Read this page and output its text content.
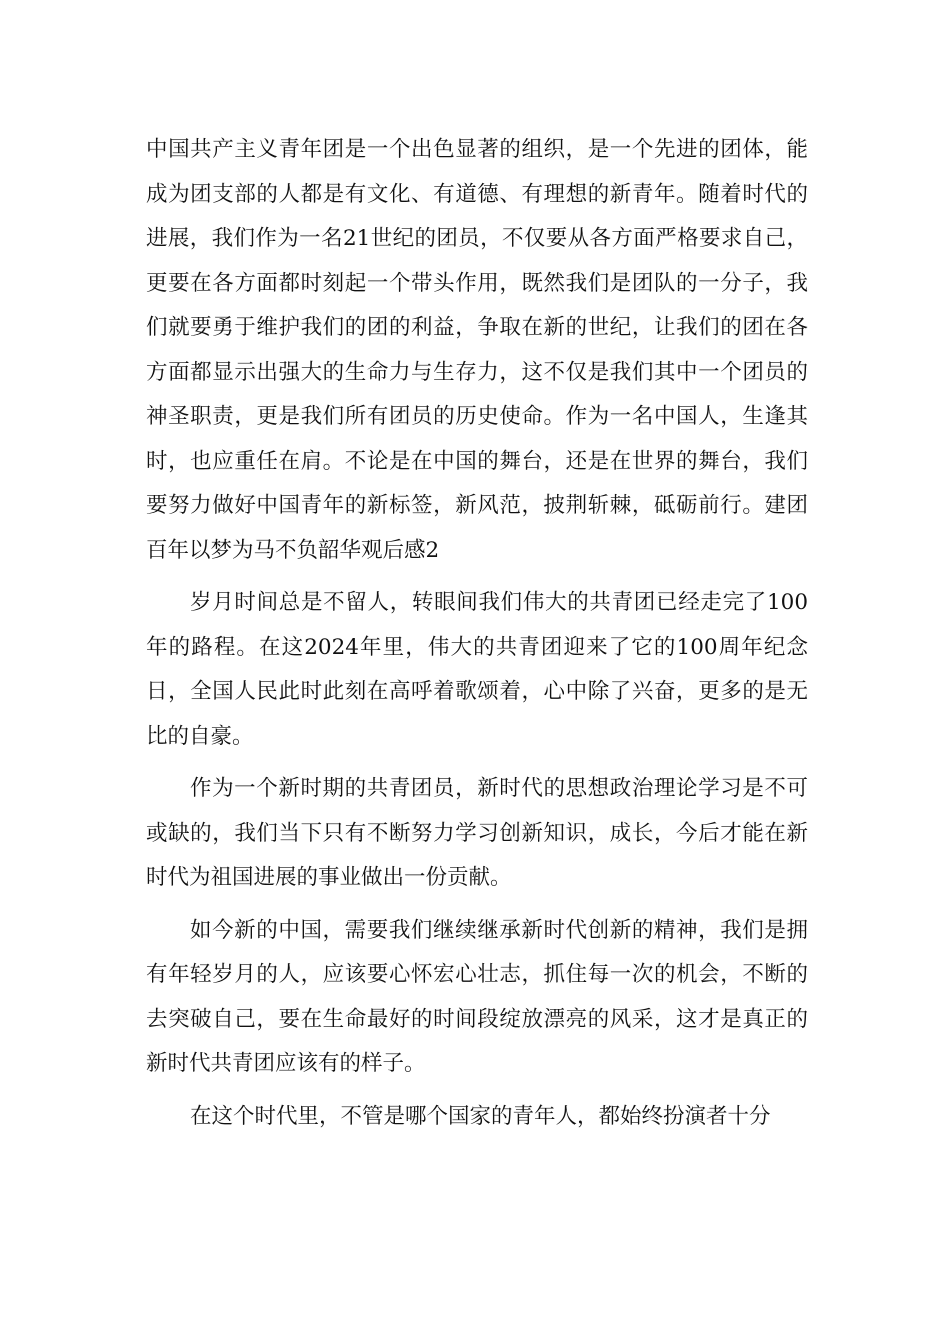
中国共产主义青年团是一个出色显著的组织，是一个先进的团体，能成为团支部的人都是有文化、有道德、有理想的新青年。随着时代的进展，我们作为一名21世纪的团员，不仅要从各方面严格要求自己，更要在各方面都时刻起一个带头作用，既然我们是团队的一分子，我们就要勇于维护我们的团的利益，争取在新的世纪，让我们的团在各方面都显示出强大的生命力与生存力，这不仅是我们其中一个团员的神圣职责，更是我们所有团员的历史使命。作为一名中国人，生逢其时，也应重任在肩。不论是在中国的舞台，还是在世界的舞台，我们要努力做好中国青年的新标签，新风范，披荆斩棘，砥砺前行。建团百年以梦为马不负韶华观后感2

岁月时间总是不留人，转眼间我们伟大的共青团已经走完了100年的路程。在这2024年里，伟大的共青团迎来了它的100周年纪念日，全国人民此时此刻在高呼着歌颂着，心中除了兴奋，更多的是无比的自豪。

作为一个新时期的共青团员，新时代的思想政治理论学习是不可或缺的，我们当下只有不断努力学习创新知识，成长，今后才能在新时代为祖国进展的事业做出一份贡献。

如今新的中国，需要我们继续继承新时代创新的精神，我们是拥有年轻岁月的人，应该要心怀宏心壮志，抓住每一次的机会，不断的去突破自己，要在生命最好的时间段绽放漂亮的风采，这才是真正的新时代共青团应该有的样子。

在这个时代里，不管是哪个国家的青年人，都始终扮演者十分
